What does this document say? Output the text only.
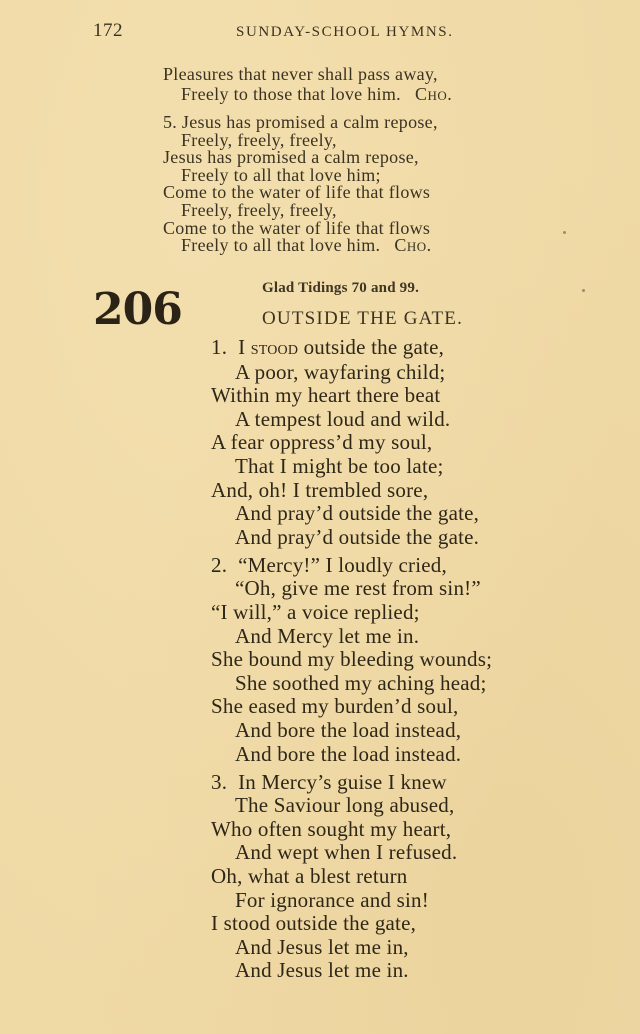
172	SUNDAY-SCHOOL HYMNS.
Pleasures that never shall pass away,
Freely to those that love him. Cho.
5. Jesus has promised a calm repose,
Freely, freely, freely,
Jesus has promised a calm repose,
Freely to all that love him;
Come to the water of life that flows
Freely, freely, freely,
Come to the water of life that flows
Freely to all that love him. Cho.
206	Glad Tidings 70 and 99.
OUTSIDE THE GATE.
1. I stood outside the gate,
A poor, wayfaring child;
Within my heart there beat
A tempest loud and wild.
A fear oppress’d my soul,
That I might be too late;
And, oh! I trembled sore,
And pray’d outside the gate,
And pray’d outside the gate.
2. “Mercy!” I loudly cried,
“Oh, give me rest from sin!”
“I will,” a voice replied;
And Mercy let me in.
She bound my bleeding wounds;
She soothed my aching head;
She eased my burden’d soul,
And bore the load instead,
And bore the load instead.
3. In Mercy’s guise I knew
The Saviour long abused,
Who often sought my heart,
And wept when I refused.
Oh, what a blest return
For ignorance and sin!
I stood outside the gate,
And Jesus let me in,
And Jesus let me in.
